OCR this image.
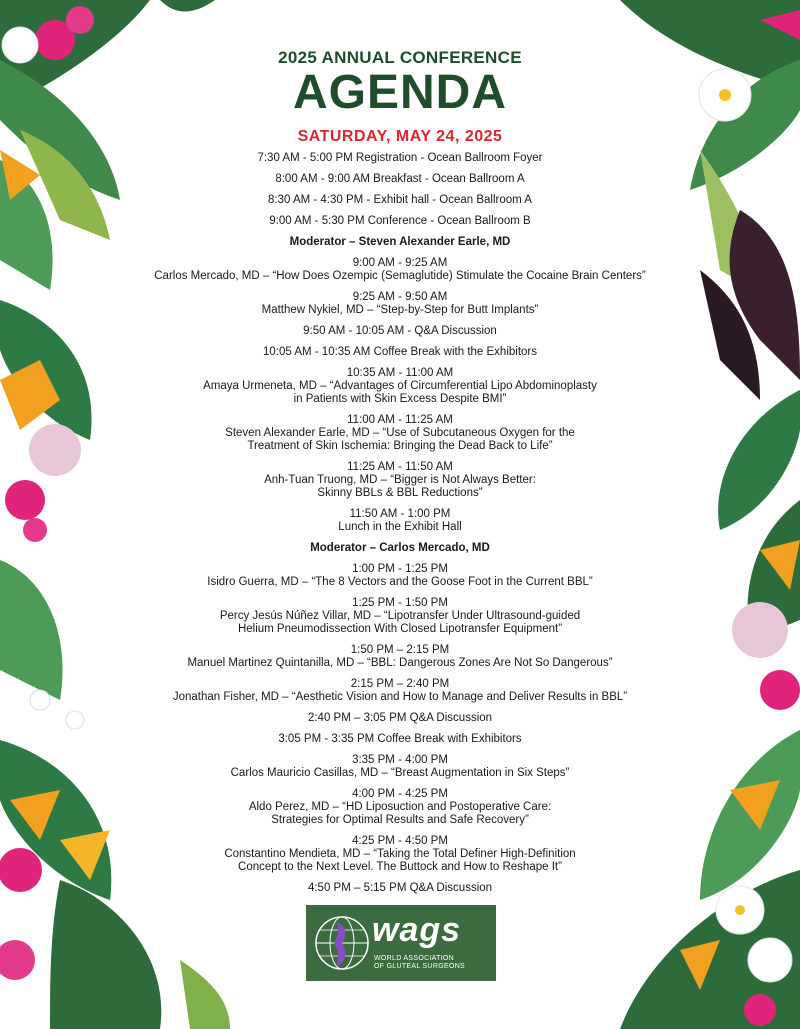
2025 ANNUAL CONFERENCE
AGENDA
SATURDAY, MAY 24, 2025
7:30 AM - 5:00 PM Registration - Ocean Ballroom Foyer
8:00 AM - 9:00 AM Breakfast - Ocean Ballroom A
8:30 AM - 4:30 PM - Exhibit hall - Ocean Ballroom A
9:00 AM - 5:30 PM Conference - Ocean Ballroom B
Moderator – Steven Alexander Earle, MD
9:00 AM - 9:25 AM
Carlos Mercado, MD – “How Does Ozempic (Semaglutide) Stimulate the Cocaine Brain Centers”
9:25 AM - 9:50 AM
Matthew Nykiel, MD – “Step-by-Step for Butt Implants”
9:50 AM - 10:05 AM - Q&A Discussion
10:05 AM - 10:35 AM Coffee Break with the Exhibitors
10:35 AM - 11:00 AM
Amaya Urmeneta, MD – “Advantages of Circumferential Lipo Abdominoplasty
in Patients with Skin Excess Despite BMI”
11:00 AM - 11:25 AM
Steven Alexander Earle, MD – “Use of Subcutaneous Oxygen for the
Treatment of Skin Ischemia: Bringing the Dead Back to Life”
11:25 AM - 11:50 AM
Anh-Tuan Truong, MD – “Bigger is Not Always Better:
Skinny BBLs & BBL Reductions”
11:50 AM - 1:00 PM
Lunch in the Exhibit Hall
Moderator – Carlos Mercado, MD
1:00 PM - 1:25 PM
Isidro Guerra, MD – “The 8 Vectors and the Goose Foot in the Current BBL”
1:25 PM - 1:50 PM
Percy Jesús Núñez Villar, MD – “Lipotransfer Under Ultrasound-guided
Helium Pneumodissection With Closed Lipotransfer Equipment”
1:50 PM – 2:15 PM
Manuel Martinez Quintanilla, MD – “BBL: Dangerous Zones Are Not So Dangerous”
2:15 PM – 2:40 PM
Jonathan Fisher, MD – “Aesthetic Vision and How to Manage and Deliver Results in BBL”
2:40 PM – 3:05 PM Q&A Discussion
3:05 PM - 3:35 PM Coffee Break with Exhibitors
3:35 PM - 4:00 PM
Carlos Mauricio Casillas, MD – “Breast Augmentation in Six Steps”
4:00 PM - 4:25 PM
Aldo Perez, MD – “HD Liposuction and Postoperative Care:
Strategies for Optimal Results and Safe Recovery”
4:25 PM - 4:50 PM
Constantino Mendieta, MD – “Taking the Total Definer High-Definition
Concept to the Next Level. The Buttock and How to Reshape It”
4:50 PM – 5:15 PM Q&A Discussion
wags
WORLD ASSOCIATION
OF GLUTEAL SURGEONS
